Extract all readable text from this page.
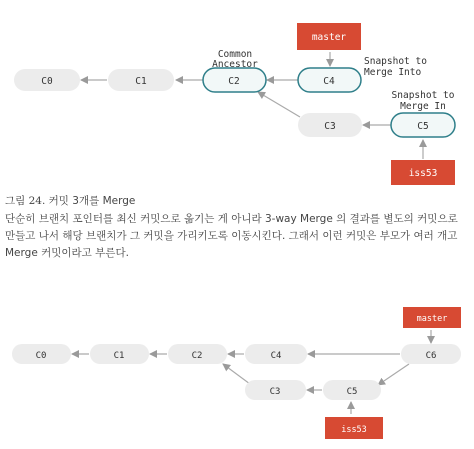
C0	C1	C2	C4
C3	C5
master
iss53
Common
Ancestor	Snapshot to
Merge Into
Snapshot to
Merge In

그림 24. 커밋 3개를 Merge

단순히 브랜치 포인터를 최신 커밋으로 옮기는 게 아니라 3-way Merge 의 결과를 별도의 커밋으로 만들고 나서 해당 브랜치가 그 커밋을 가리키도록 이동시킨다. 그래서 이런 커밋은 부모가 여러 개고 Merge 커밋이라고 부른다.

C0	C1	C2	C4	C6
C3	C5
master
iss53
